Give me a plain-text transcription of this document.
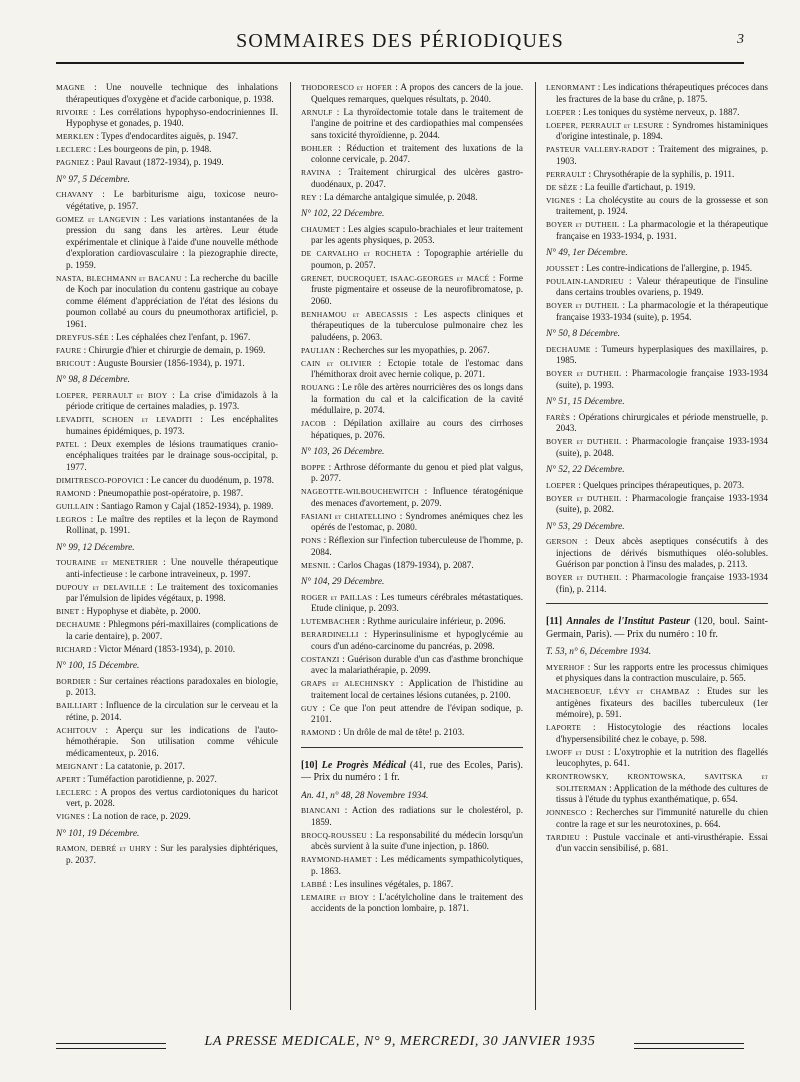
SOMMAIRES DES PÉRIODIQUES	3
MAGNE : Une nouvelle technique des inhalations thérapeutiques d'oxygène et d'acide carbonique, p. 1938.
RIVOIRE : Les corrélations hypophyso-endocriniennes II. Hypophyse et gonades, p. 1940.
MERKLEN : Types d'endocardites aiguës, p. 1947.
LECLERC : Les bourgeons de pin, p. 1948.
PAGNIEZ : Paul Ravaut (1872-1934), p. 1949.
N° 97, 5 Décembre.
CHAVANY : Le barbiturisme aigu, toxicose neuro-végétative, p. 1957.
GOMEZ et LANGEVIN : Les variations instantanées de la pression du sang dans les artères. Leur étude expérimentale et clinique à l'aide d'une nouvelle méthode d'exploration cardiovasculaire : la piezographie directe, p. 1959.
NASTA, BLECHMANN et BACANU : La recherche du bacille de Koch par inoculation du contenu gastrique au cobaye comme élément d'appréciation de l'état des lésions du poumon collabé au cours du pneumothorax artificiel, p. 1961.
DREYFUS-SÉE : Les céphalées chez l'enfant, p. 1967.
FAURE : Chirurgie d'hier et chirurgie de demain, p. 1969.
BRICOUT : Auguste Boursier (1856-1934), p. 1971.
N° 98, 8 Décembre.
LOEPER, PERRAULT et BIOY : La crise d'imidazols à la période critique de certaines maladies, p. 1973.
LEVADITI, SCHOEN et LEVADITI : Les encéphalites humaines épidémiques, p. 1973.
PATEL : Deux exemples de lésions traumatiques cranio-encéphaliques traitées par le drainage sous-occipital, p. 1977.
DIMITRESCO-POPOVICI : Le cancer du duodénum, p. 1978.
RAMOND : Pneumopathie post-opératoire, p. 1987.
GUILLAIN : Santiago Ramon y Cajal (1852-1934), p. 1989.
LEGROS : Le maître des reptiles et la leçon de Raymond Rollinat, p. 1991.
N° 99, 12 Décembre.
TOURAINE et MENETRIER : Une nouvelle thérapeutique anti-infectieuse : le carbone intraveineux, p. 1997.
DUPOUY et DELAVILLE : Le traitement des toxicomanies par l'émulsion de lipides végétaux, p. 1998.
BINET : Hypophyse et diabète, p. 2000.
DECHAUME : Phlegmons péri-maxillaires (complications de la carie dentaire), p. 2007.
RICHARD : Victor Ménard (1853-1934), p. 2010.
N° 100, 15 Décembre.
BORDIER : Sur certaines réactions paradoxales en biologie, p. 2013.
BAILLIART : Influence de la circulation sur le cerveau et la rétine, p. 2014.
ACHITOUV : Aperçu sur les indications de l'auto-hémothérapie. Son utilisation comme véhicule médicamenteux, p. 2016.
MEIGNANT : La catatonie, p. 2017.
APERT : Tuméfaction parotidienne, p. 2027.
LECLERC : A propos des vertus cardiotoniques du haricot vert, p. 2028.
VIGNES : La notion de race, p. 2029.
N° 101, 19 Décembre.
RAMON, DEBRÉ et UHRY : Sur les paralysies diphtériques, p. 2037.
THODORESCO et HOFER : A propos des cancers de la joue. Quelques remarques, quelques résultats, p. 2040.
ARNULF : La thyroïdectomie totale dans le traitement de l'angine de poitrine et des cardiopathies mal compensées sans toxicité thyroïdienne, p. 2044.
BOHLER : Réduction et traitement des luxations de la colonne cervicale, p. 2047.
RAVINA : Traitement chirurgical des ulcères gastro-duodénaux, p. 2047.
REY : La démarche antalgique simulée, p. 2048.
N° 102, 22 Décembre.
CHAUMET : Les algies scapulo-brachiales et leur traitement par les agents physiques, p. 2053.
DE CARVALHO et ROCHETA : Topographie artérielle du poumon, p. 2057.
GRENET, DUCROQUET, ISAAC-GEORGES et MACÉ : Forme fruste pigmentaire et osseuse de la neurofibromatose, p. 2060.
BENHAMOU et ABECASSIS : Les aspects cliniques et thérapeutiques de la tuberculose pulmonaire chez les paludéens, p. 2063.
PAULIAN : Recherches sur les myopathies, p. 2067.
CAIN et OLIVIER : Ectopie totale de l'estomac dans l'hémithorax droit avec hernie colique, p. 2071.
ROUANG : Le rôle des artères nourricières des os longs dans la formation du cal et la calcification de la cavité médullaire, p. 2074.
JACOB : Dépilation axillaire au cours des cirrhoses hépatiques, p. 2076.
N° 103, 26 Décembre.
BOPPE : Arthrose déformante du genou et pied plat valgus, p. 2077.
NAGEOTTE-WILBOUCHEWITCH : Influence tératogénique des menaces d'avortement, p. 2079.
FASIANI et CHIATELLINO : Syndromes anémiques chez les opérés de l'estomac, p. 2080.
PONS : Réflexion sur l'infection tuberculeuse de l'homme, p. 2084.
MESNIL : Carlos Chagas (1879-1934), p. 2087.
N° 104, 29 Décembre.
ROGER et PAILLAS : Les tumeurs cérébrales métastatiques. Etude clinique, p. 2093.
LUTEMBACHER : Rythme auriculaire inférieur, p. 2096.
BERARDINELLI : Hyperinsulinisme et hypoglycémie au cours d'un adéno-carcinome du pancréas, p. 2098.
COSTANZI : Guérison durable d'un cas d'asthme bronchique avec la malariathérapie, p. 2099.
GRAPS et ALECHINSKY : Application de l'histidine au traitement local de certaines lésions cutanées, p. 2100.
GUY : Ce que l'on peut attendre de l'évipan sodique, p. 2101.
RAMOND : Un drôle de mal de tête! p. 2103.
[10] Le Progrès Médical (41, rue des Ecoles, Paris). — Prix du numéro : 1 fr.
An. 41, n° 48, 28 Novembre 1934.
BIANCANI : Action des radiations sur le cholestérol, p. 1859.
BROCQ-ROUSSEU : La responsabilité du médecin lorsqu'un abcès survient à la suite d'une injection, p. 1860.
RAYMOND-HAMET : Les médicaments sympathicolytiques, p. 1863.
LABBÉ : Les insulines végétales, p. 1867.
LEMAIRE et BIOY : L'acétylcholine dans le traitement des accidents de la ponction lombaire, p. 1871.
LENORMANT : Les indications thérapeutiques précoces dans les fractures de la base du crâne, p. 1875.
LOEPER : Les toniques du système nerveux, p. 1887.
LOEPER, PERRAULT et LESURE : Syndromes histaminiques d'origine intestinale, p. 1894.
PASTEUR VALLERY-RADOT : Traitement des migraines, p. 1903.
PERRAULT : Chrysothérapie de la syphilis, p. 1911.
DE SÈZE : La feuille d'artichaut, p. 1919.
VIGNES : La cholécystite au cours de la grossesse et son traitement, p. 1924.
BOYER et DUTHEIL : La pharmacologie et la thérapeutique française en 1933-1934, p. 1931.
N° 49, 1er Décembre.
JOUSSET : Les contre-indications de l'allergine, p. 1945.
POULAIN-LANDRIEU : Valeur thérapeutique de l'insuline dans certains troubles ovariens, p. 1949.
BOYER et DUTHEIL : La pharmacologie et la thérapeutique française 1933-1934 (suite), p. 1954.
N° 50, 8 Décembre.
DECHAUME : Tumeurs hyperplasiques des maxillaires, p. 1985.
BOYER et DUTHEIL : Pharmacologie française 1933-1934 (suite), p. 1993.
N° 51, 15 Décembre.
FARÈS : Opérations chirurgicales et période menstruelle, p. 2043.
BOYER et DUTHEIL : Pharmacologie française 1933-1934 (suite), p. 2048.
N° 52, 22 Décembre.
LOEPER : Quelques principes thérapeutiques, p. 2073.
BOYER et DUTHEIL : Pharmacologie française 1933-1934 (suite), p. 2082.
N° 53, 29 Décembre.
GERSON : Deux abcès aseptiques consécutifs à des injections de dérivés bismuthiques oléo-solubles. Guérison par ponction à l'insu des malades, p. 2113.
BOYER et DUTHEIL : Pharmacologie française 1933-1934 (fin), p. 2114.
[11] Annales de l'Institut Pasteur (120, boul. Saint-Germain, Paris). — Prix du numéro : 10 fr.
T. 53, n° 6, Décembre 1934.
MYERHOF : Sur les rapports entre les processus chimiques et physiques dans la contraction musculaire, p. 565.
MACHEBOEUF, LÉVY et CHAMBAZ : Etudes sur les antigènes fixateurs des bacilles tuberculeux (1er mémoire), p. 591.
LAPORTE : Histocytologie des réactions locales d'hypersensibilité chez le cobaye, p. 598.
LWOFF et DUSI : L'oxytrophie et la nutrition des flagellés leucophytes, p. 641.
KRONTROWSKY, KRONTOWSKA, SAVITSKA et SOLITERMAN : Application de la méthode des cultures de tissus à l'étude du typhus exanthématique, p. 654.
JONNESCO : Recherches sur l'immunité naturelle du chien contre la rage et sur les neurotoxines, p. 664.
TARDIEU : Pustule vaccinale et anti-virusthérapie. Essai d'un vaccin sensibilisé, p. 681.
LA PRESSE MEDICALE, N° 9, MERCREDI, 30 JANVIER 1935
